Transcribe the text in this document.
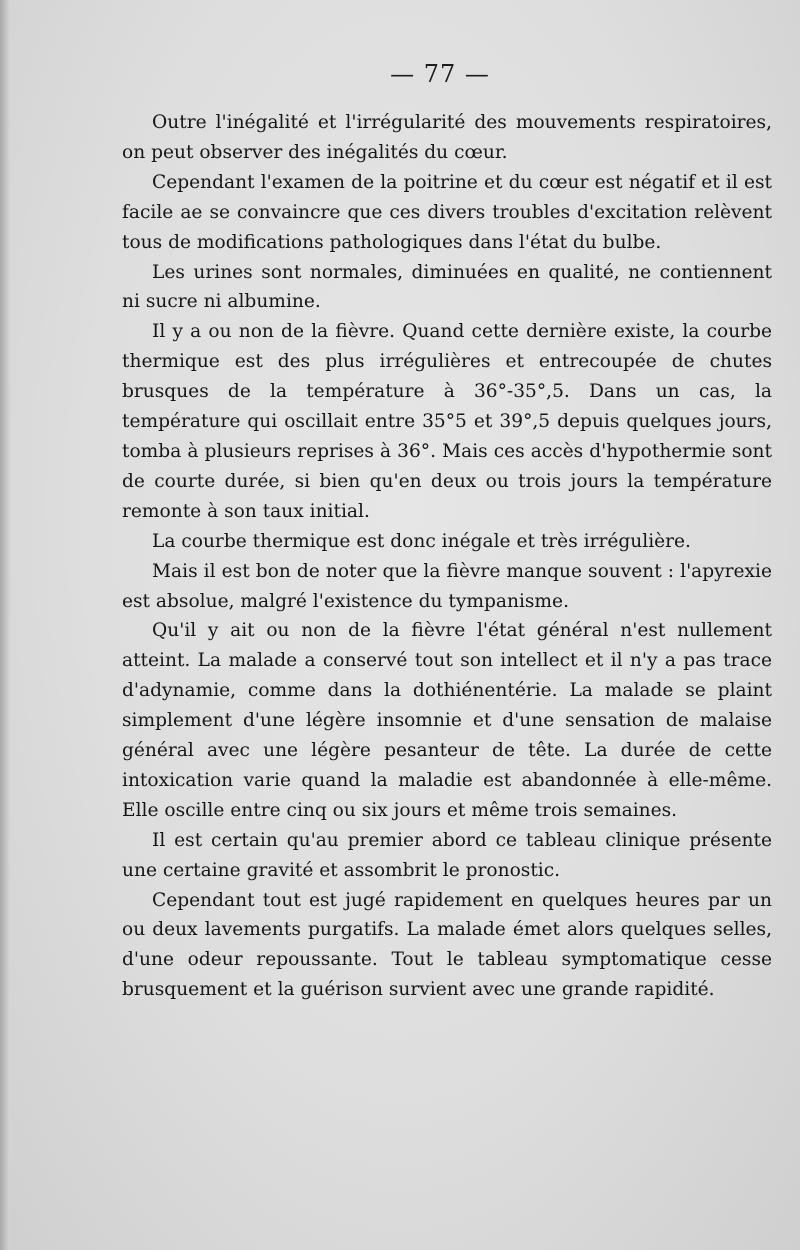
— 77 —

Outre l'inégalité et l'irrégularité des mouvements respiratoires, on peut observer des inégalités du cœur.

Cependant l'examen de la poitrine et du cœur est négatif et il est facile ae se convaincre que ces divers troubles d'excitation relèvent tous de modifications pathologiques dans l'état du bulbe.

Les urines sont normales, diminuées en qualité, ne contiennent ni sucre ni albumine.

Il y a ou non de la fièvre. Quand cette dernière existe, la courbe thermique est des plus irrégulières et entrecoupée de chutes brusques de la température à 36°-35°,5. Dans un cas, la température qui oscillait entre 35°5 et 39°,5 depuis quelques jours, tomba à plusieurs reprises à 36°. Mais ces accès d'hypothermie sont de courte durée, si bien qu'en deux ou trois jours la température remonte à son taux initial.

La courbe thermique est donc inégale et très irrégulière.

Mais il est bon de noter que la fièvre manque souvent : l'apyrexie est absolue, malgré l'existence du tympanisme.

Qu'il y ait ou non de la fièvre l'état général n'est nullement atteint. La malade a conservé tout son intellect et il n'y a pas trace d'adynamie, comme dans la dothiénentérie. La malade se plaint simplement d'une légère insomnie et d'une sensation de malaise général avec une légère pesanteur de tête. La durée de cette intoxication varie quand la maladie est abandonnée à elle-même. Elle oscille entre cinq ou six jours et même trois semaines.

Il est certain qu'au premier abord ce tableau clinique présente une certaine gravité et assombrit le pronostic.

Cependant tout est jugé rapidement en quelques heures par un ou deux lavements purgatifs. La malade émet alors quelques selles, d'une odeur repoussante. Tout le tableau symptomatique cesse brusquement et la guérison survient avec une grande rapidité.
